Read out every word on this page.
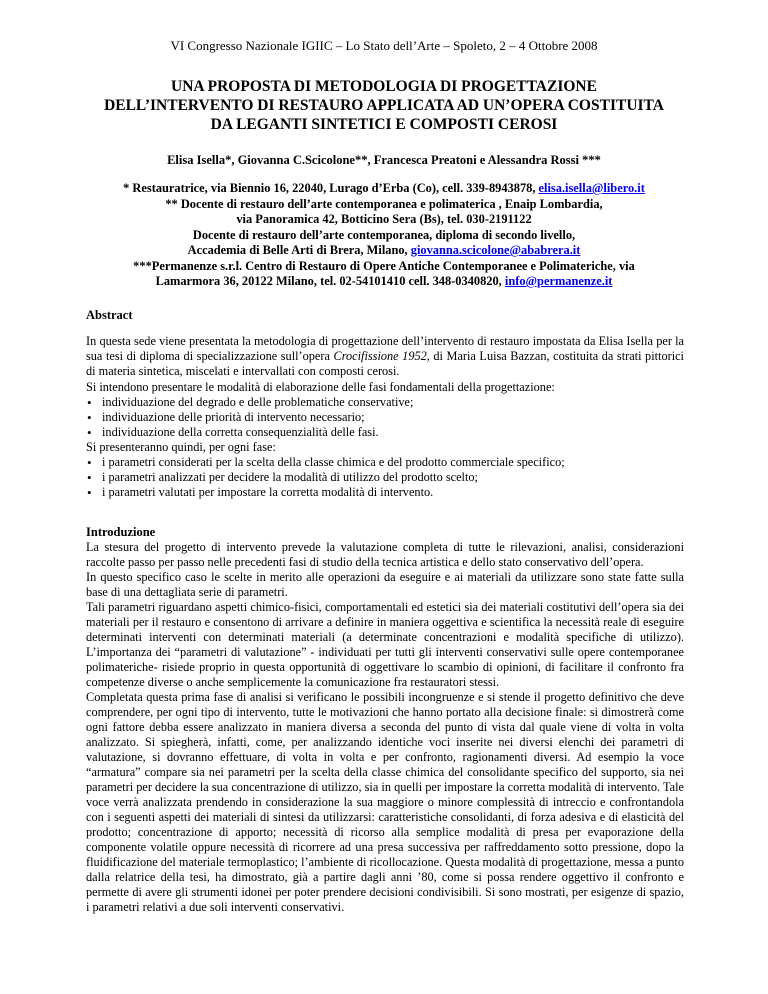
VI Congresso Nazionale IGIIC – Lo Stato dell’Arte – Spoleto, 2 – 4 Ottobre 2008
UNA PROPOSTA DI METODOLOGIA DI PROGETTAZIONE
DELL’INTERVENTO DI RESTAURO APPLICATA AD UN’OPERA COSTITUITA
DA LEGANTI SINTETICI E COMPOSTI CEROSI
Elisa Isella*, Giovanna C.Scicolone**, Francesca Preatoni e Alessandra Rossi ***
* Restauratrice, via Biennio 16, 22040, Lurago d’Erba (Co), cell. 339-8943878, elisa.isella@libero.it
** Docente di restauro dell’arte contemporanea e polimaterica , Enaip Lombardia,
via Panoramica 42, Botticino Sera (Bs), tel. 030-2191122
Docente di restauro dell’arte contemporanea, diploma di secondo livello,
Accademia di Belle Arti di Brera, Milano, giovanna.scicolone@ababrera.it
***Permanenze s.r.l. Centro di Restauro di Opere Antiche Contemporanee e Polimateriche, via
Lamarmora 36, 20122 Milano, tel. 02-54101410 cell. 348-0340820, info@permanenze.it
Abstract

In questa sede viene presentata la metodologia di progettazione dell’intervento di restauro impostata da Elisa Isella per la sua tesi di diploma di specializzazione sull’opera Crocifissione 1952, di Maria Luisa Bazzan, costituita da strati pittorici di materia sintetica, miscelati e intervallati con composti cerosi.

Si intendono presentare le modalità di elaborazione delle fasi fondamentali della progettazione:

• individuazione del degrado e delle problematiche conservative;
• individuazione delle priorità di intervento necessario;
• individuazione della corretta consequenzialità delle fasi.

Si presenteranno quindi, per ogni fase:

• i parametri considerati per la scelta della classe chimica e del prodotto commerciale specifico;
• i parametri analizzati per decidere la modalità di utilizzo del prodotto scelto;
• i parametri valutati per impostare la corretta modalità di intervento.
Introduzione

La stesura del progetto di intervento prevede la valutazione completa di tutte le rilevazioni, analisi, considerazioni raccolte passo per passo nelle precedenti fasi di studio della tecnica artistica e dello stato conservativo dell’opera.

In questo specifico caso le scelte in merito alle operazioni da eseguire e ai materiali da utilizzare sono state fatte sulla base di una dettagliata serie di parametri.

Tali parametri riguardano aspetti chimico-fisici, comportamentali ed estetici sia dei materiali costitutivi dell’opera sia dei materiali per il restauro e consentono di arrivare a definire in maniera oggettiva e scientifica la necessità reale di eseguire determinati interventi con determinati materiali (a determinate concentrazioni e modalità specifiche di utilizzo). L’importanza dei “parametri di valutazione” - individuati per tutti gli interventi conservativi sulle opere contemporanee polimateriche- risiede proprio in questa opportunità di oggettivare lo scambio di opinioni, di facilitare il confronto fra competenze diverse o anche semplicemente la comunicazione fra restauratori stessi.

Completata questa prima fase di analisi si verificano le possibili incongruenze e si stende il progetto definitivo che deve comprendere, per ogni tipo di intervento, tutte le motivazioni che hanno portato alla decisione finale: si dimostrerà come ogni fattore debba essere analizzato in maniera diversa a seconda del punto di vista dal quale viene di volta in volta analizzato. Si spiegherà, infatti, come, per analizzando identiche voci inserite nei diversi elenchi dei parametri di valutazione, si dovranno effettuare, di volta in volta e per confronto, ragionamenti diversi. Ad esempio la voce “armatura” compare sia nei parametri per la scelta della classe chimica del consolidante specifico del supporto, sia nei parametri per decidere la sua concentrazione di utilizzo, sia in quelli per impostare la corretta modalità di intervento. Tale voce verrà analizzata prendendo in considerazione la sua maggiore o minore complessità di intreccio e confrontandola con i seguenti aspetti dei materiali di sintesi da utilizzarsi: caratteristiche consolidanti, di forza adesiva e di elasticità del prodotto; concentrazione di apporto; necessità di ricorso alla semplice modalità di presa per evaporazione della componente volatile oppure necessità di ricorrere ad una presa successiva per raffreddamento sotto pressione, dopo la fluidificazione del materiale termoplastico; l’ambiente di ricollocazione. Questa modalità di progettazione, messa a punto dalla relatrice della tesi, ha dimostrato, già a partire dagli anni ’80, come si possa rendere oggettivo il confronto e permette di avere gli strumenti idonei per poter prendere decisioni condivisibili. Si sono mostrati, per esigenze di spazio, i parametri relativi a due soli interventi conservativi.
